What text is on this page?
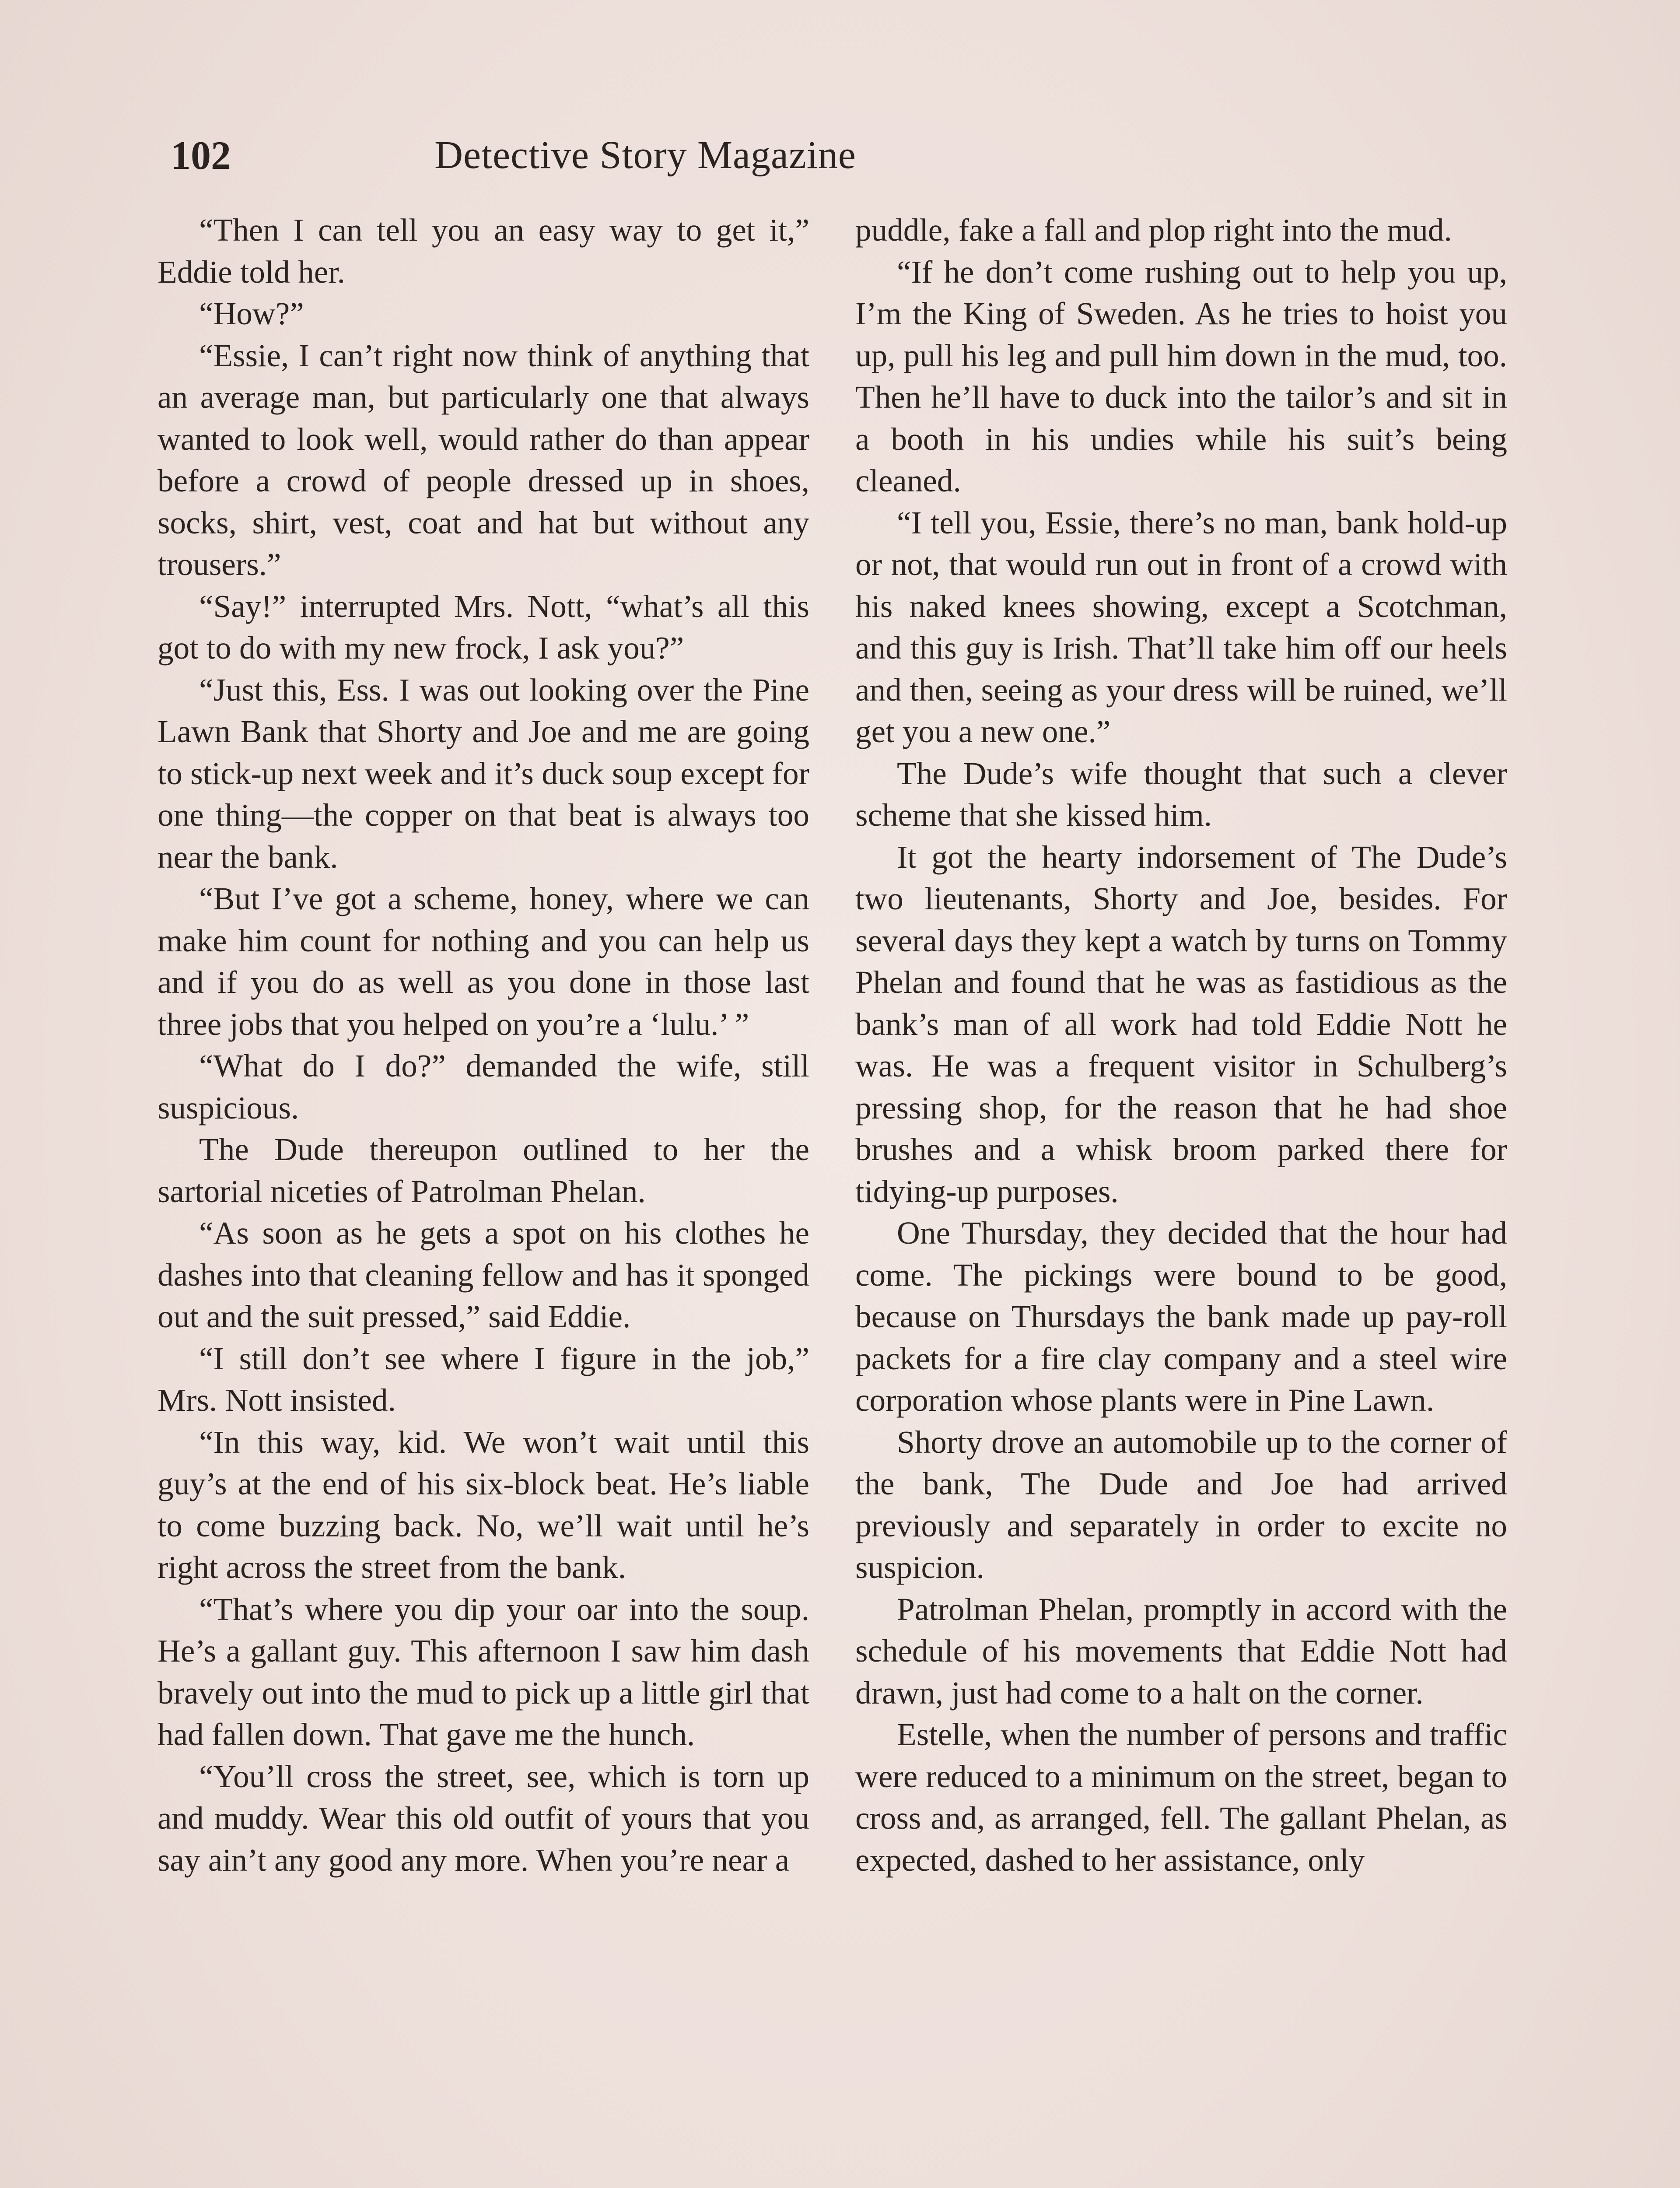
102	Detective Story Magazine

“Then I can tell you an easy way to get it,” Eddie told her.

“How?”

“Essie, I can’t right now think of anything that an average man, but particularly one that always wanted to look well, would rather do than appear before a crowd of people dressed up in shoes, socks, shirt, vest, coat and hat but without any trousers.”

“Say!” interrupted Mrs. Nott, “what’s all this got to do with my new frock, I ask you?”

“Just this, Ess. I was out looking over the Pine Lawn Bank that Shorty and Joe and me are going to stick-up next week and it’s duck soup except for one thing—the copper on that beat is always too near the bank.

“But I’ve got a scheme, honey, where we can make him count for nothing and you can help us and if you do as well as you done in those last three jobs that you helped on you’re a ‘lulu.’ ”

“What do I do?” demanded the wife, still suspicious.

The Dude thereupon outlined to her the sartorial niceties of Patrolman Phelan.

“As soon as he gets a spot on his clothes he dashes into that cleaning fellow and has it sponged out and the suit pressed,” said Eddie.

“I still don’t see where I figure in the job,” Mrs. Nott insisted.

“In this way, kid. We won’t wait until this guy’s at the end of his six-block beat. He’s liable to come buzzing back. No, we’ll wait until he’s right across the street from the bank.

“That’s where you dip your oar into the soup. He’s a gallant guy. This afternoon I saw him dash bravely out into the mud to pick up a little girl that had fallen down. That gave me the hunch.

“You’ll cross the street, see, which is torn up and muddy. Wear this old outfit of yours that you say ain’t any good any more. When you’re near a

puddle, fake a fall and plop right into the mud.

“If he don’t come rushing out to help you up, I’m the King of Sweden. As he tries to hoist you up, pull his leg and pull him down in the mud, too. Then he’ll have to duck into the tailor’s and sit in a booth in his undies while his suit’s being cleaned.

“I tell you, Essie, there’s no man, bank hold-up or not, that would run out in front of a crowd with his naked knees showing, except a Scotchman, and this guy is Irish. That’ll take him off our heels and then, seeing as your dress will be ruined, we’ll get you a new one.”

The Dude’s wife thought that such a clever scheme that she kissed him.

It got the hearty indorsement of The Dude’s two lieutenants, Shorty and Joe, besides. For several days they kept a watch by turns on Tommy Phelan and found that he was as fastidious as the bank’s man of all work had told Eddie Nott he was. He was a frequent visitor in Schulberg’s pressing shop, for the reason that he had shoe brushes and a whisk broom parked there for tidying-up purposes.

One Thursday, they decided that the hour had come. The pickings were bound to be good, because on Thursdays the bank made up pay-roll packets for a fire clay company and a steel wire corporation whose plants were in Pine Lawn.

Shorty drove an automobile up to the corner of the bank, The Dude and Joe had arrived previously and separately in order to excite no suspicion.

Patrolman Phelan, promptly in accord with the schedule of his movements that Eddie Nott had drawn, just had come to a halt on the corner.

Estelle, when the number of persons and traffic were reduced to a minimum on the street, began to cross and, as arranged, fell. The gallant Phelan, as expected, dashed to her assistance, only
